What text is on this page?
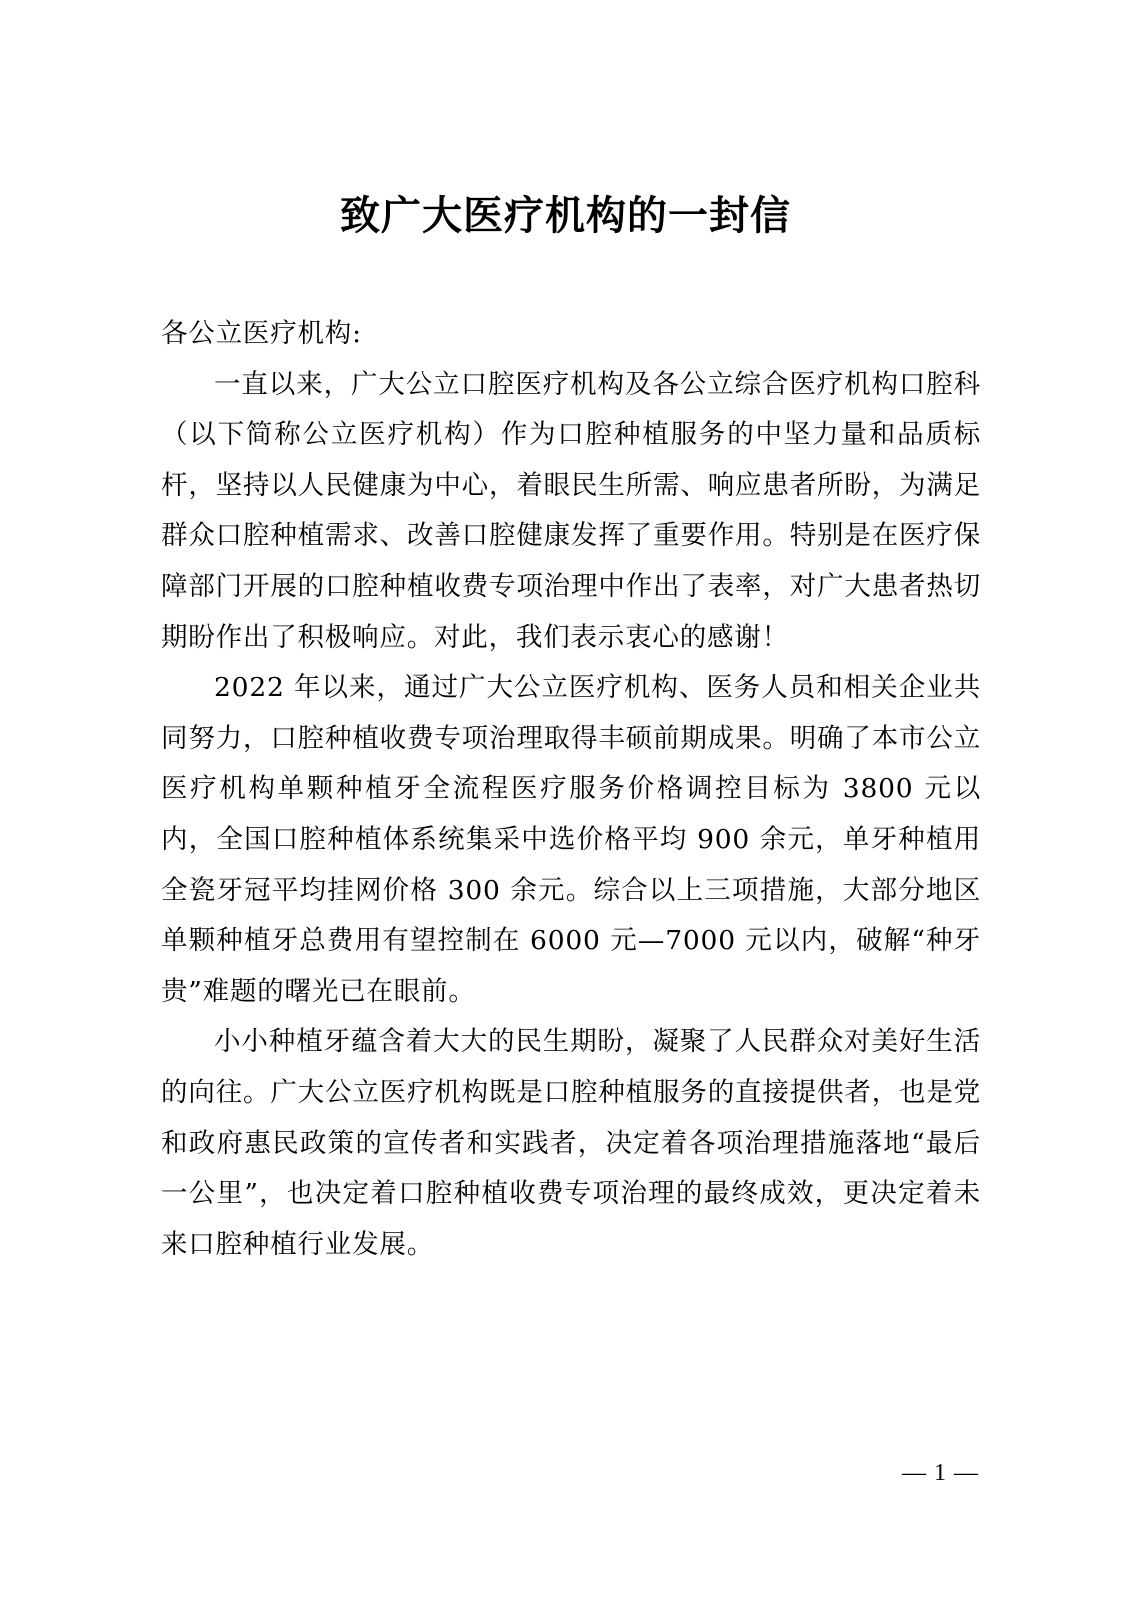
致广大医疗机构的一封信

各公立医疗机构:

一直以来，广大公立口腔医疗机构及各公立综合医疗机构口腔科（以下简称公立医疗机构）作为口腔种植服务的中坚力量和品质标杆，坚持以人民健康为中心，着眼民生所需、响应患者所盼，为满足群众口腔种植需求、改善口腔健康发挥了重要作用。特别是在医疗保障部门开展的口腔种植收费专项治理中作出了表率，对广大患者热切期盼作出了积极响应。对此，我们表示衷心的感谢！

2022 年以来，通过广大公立医疗机构、医务人员和相关企业共同努力，口腔种植收费专项治理取得丰硕前期成果。明确了本市公立医疗机构单颗种植牙全流程医疗服务价格调控目标为 3800 元以内，全国口腔种植体系统集采中选价格平均 900 余元，单牙种植用全瓷牙冠平均挂网价格 300 余元。综合以上三项措施，大部分地区单颗种植牙总费用有望控制在 6000 元—7000 元以内，破解“种牙贵”难题的曙光已在眼前。

小小种植牙蕴含着大大的民生期盼，凝聚了人民群众对美好生活的向往。广大公立医疗机构既是口腔种植服务的直接提供者，也是党和政府惠民政策的宣传者和实践者，决定着各项治理措施落地“最后一公里”，也决定着口腔种植收费专项治理的最终成效，更决定着未来口腔种植行业发展。

— 1 —
